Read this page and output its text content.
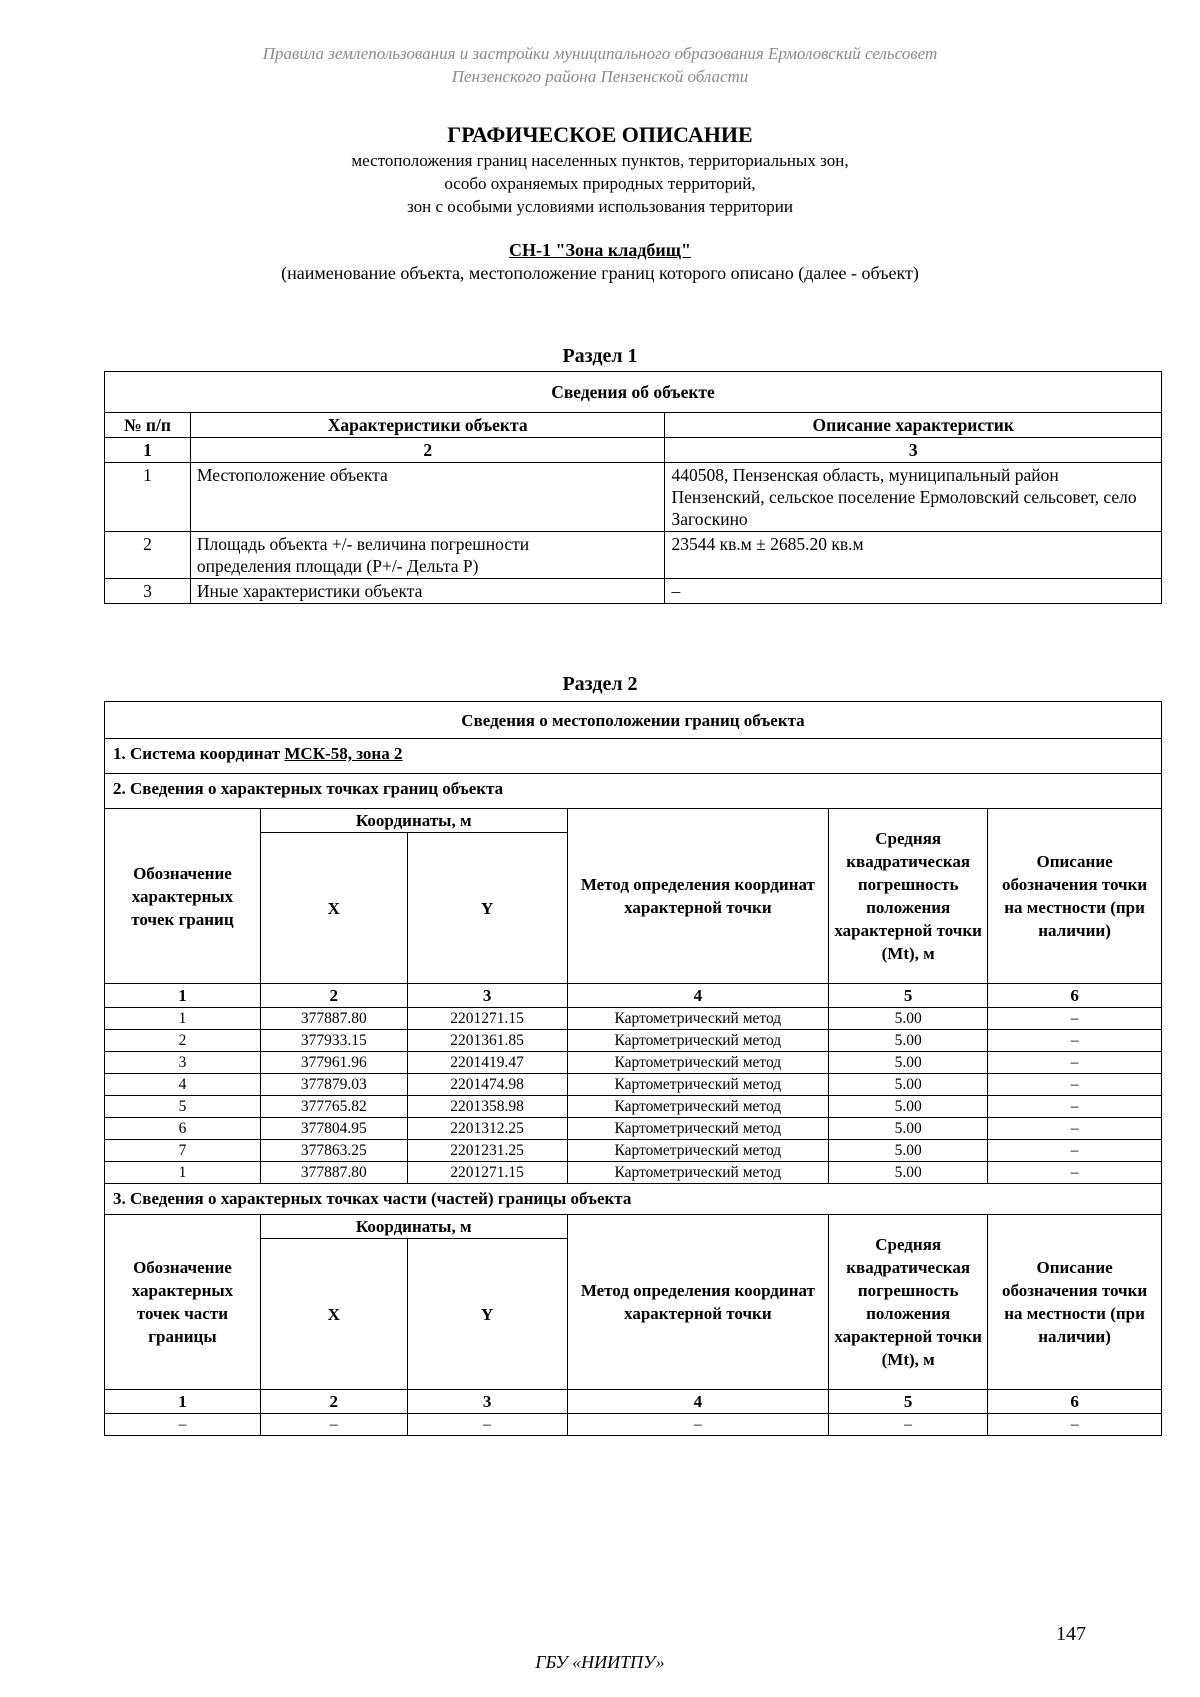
Правила землепользования и застройки муниципального образования Ермоловский сельсовет
Пензенского района Пензенской области
ГРАФИЧЕСКОЕ ОПИСАНИЕ
местоположения границ населенных пунктов, территориальных зон,
особо охраняемых природных территорий,
зон с особыми условиями использования территории
СН-1 "Зона кладбищ"
(наименование объекта, местоположение границ которого описано (далее - объект)
Раздел 1
Сведения об объекте		
№ п/п	Характеристики объекта	Описание характеристик
1	2	3
1	Местоположение объекта	440508, Пензенская область, муниципальный район Пензенский, сельское поселение Ермоловский сельсовет, село Загоскино
2	Площадь объекта +/- величина погрешности определения площади (Р+/- Дельта Р)	23544 кв.м ± 2685.20 кв.м
3	Иные характеристики объекта	–
Раздел 2
Сведения о местоположении границ объекта					
1. Система координат МСК-58, зона 2					
2. Сведения о характерных точках границ объекта					
Обозначение характерных точек границ	Координаты, м		Метод определения координат характерной точки	Средняя квадратическая погрешность положения характерной точки (Мt), м	Описание обозначения точки на местности (при наличии)
	X	Y			
1	2	3	4	5	6
1	377887.80	2201271.15	Картометрический метод	5.00	–
2	377933.15	2201361.85	Картометрический метод	5.00	–
3	377961.96	2201419.47	Картометрический метод	5.00	–
4	377879.03	2201474.98	Картометрический метод	5.00	–
5	377765.82	2201358.98	Картометрический метод	5.00	–
6	377804.95	2201312.25	Картометрический метод	5.00	–
7	377863.25	2201231.25	Картометрический метод	5.00	–
1	377887.80	2201271.15	Картометрический метод	5.00	–
3. Сведения о характерных точках части (частей) границы объекта					
Обозначение характерных точек части границы	Координаты, м		Метод определения координат характерной точки	Средняя квадратическая погрешность положения характерной точки (Мt), м	Описание обозначения точки на местности (при наличии)
	X	Y			
1	2	3	4	5	6
–	–	–	–	–	–
147
ГБУ «НИИТПУ»
